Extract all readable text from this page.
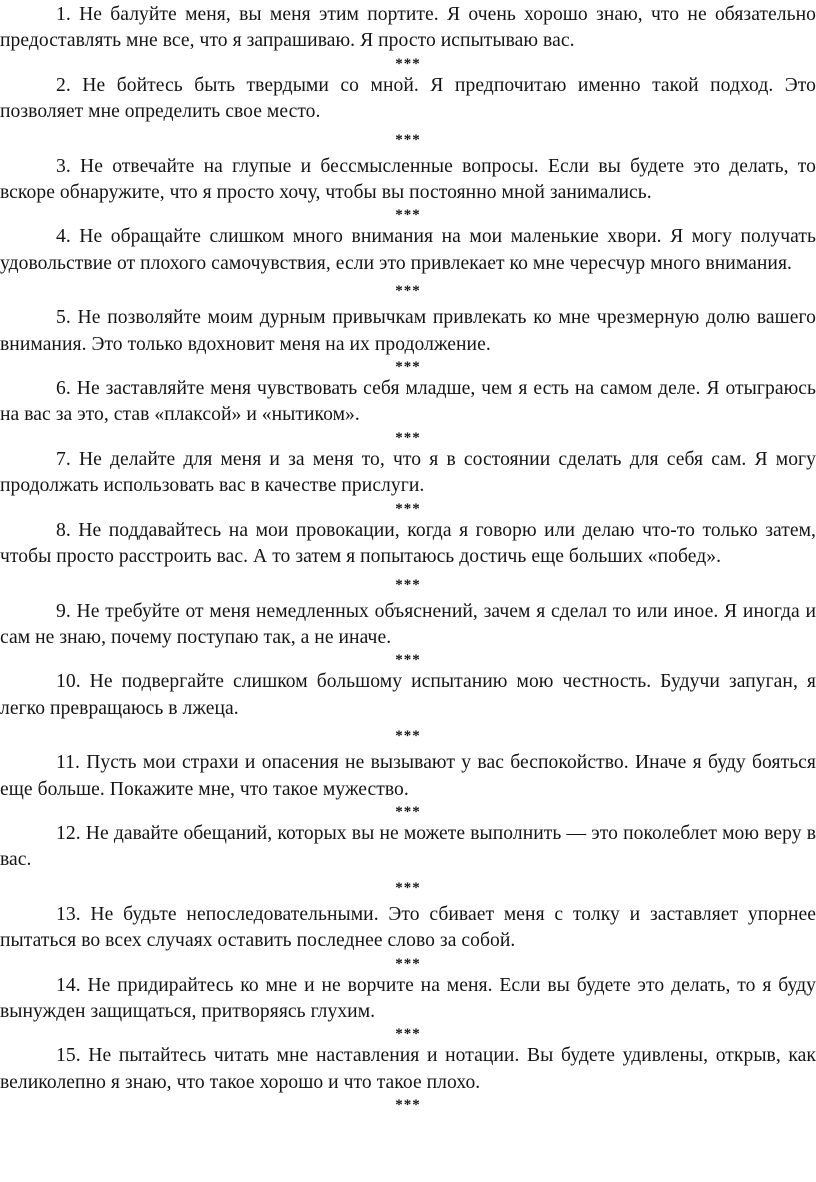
1. Не балуйте меня, вы меня этим портите. Я очень хорошо знаю, что не обязательно предоставлять мне все, что я запрашиваю. Я просто испытываю вас.

***

2. Не бойтесь быть твердыми со мной. Я предпочитаю именно такой подход. Это позволяет мне определить свое место.

***

3. Не отвечайте на глупые и бессмысленные вопросы. Если вы будете это делать, то вскоре обнаружите, что я просто хочу, чтобы вы постоянно мной занимались.

***

4. Не обращайте слишком много внимания на мои маленькие хвори. Я могу получать удовольствие от плохого самочувствия, если это привлекает ко мне чересчур много внимания.

***

5. Не позволяйте моим дурным привычкам привлекать ко мне чрезмерную долю вашего внимания. Это только вдохновит меня на их продолжение.

***

6. Не заставляйте меня чувствовать себя младше, чем я есть на самом деле. Я отыграюсь на вас за это, став «плаксой» и «нытиком».

***

7. Не делайте для меня и за меня то, что я в состоянии сделать для себя сам. Я могу продолжать использовать вас в качестве прислуги.

***

8. Не поддавайтесь на мои провокации, когда я говорю или делаю что-то только затем, чтобы просто расстроить вас. А то затем я попытаюсь достичь еще больших «побед».

***

9. Не требуйте от меня немедленных объяснений, зачем я сделал то или иное. Я иногда и сам не знаю, почему поступаю так, а не иначе.

***

10. Не подвергайте слишком большому испытанию мою честность. Будучи запуган, я легко превращаюсь в лжеца.

***

11. Пусть мои страхи и опасения не вызывают у вас беспокойство. Иначе я буду бояться еще больше. Покажите мне, что такое мужество.

***

12. Не давайте обещаний, которых вы не можете выполнить — это поколеблет мою веру в вас.

***

13. Не будьте непоследовательными. Это сбивает меня с толку и заставляет упорнее пытаться во всех случаях оставить последнее слово за собой.

***

14. Не придирайтесь ко мне и не ворчите на меня. Если вы будете это делать, то я буду вынужден защищаться, притворяясь глухим.

***

15. Не пытайтесь читать мне наставления и нотации. Вы будете удивлены, открыв, как великолепно я знаю, что такое хорошо и что такое плохо.

***
